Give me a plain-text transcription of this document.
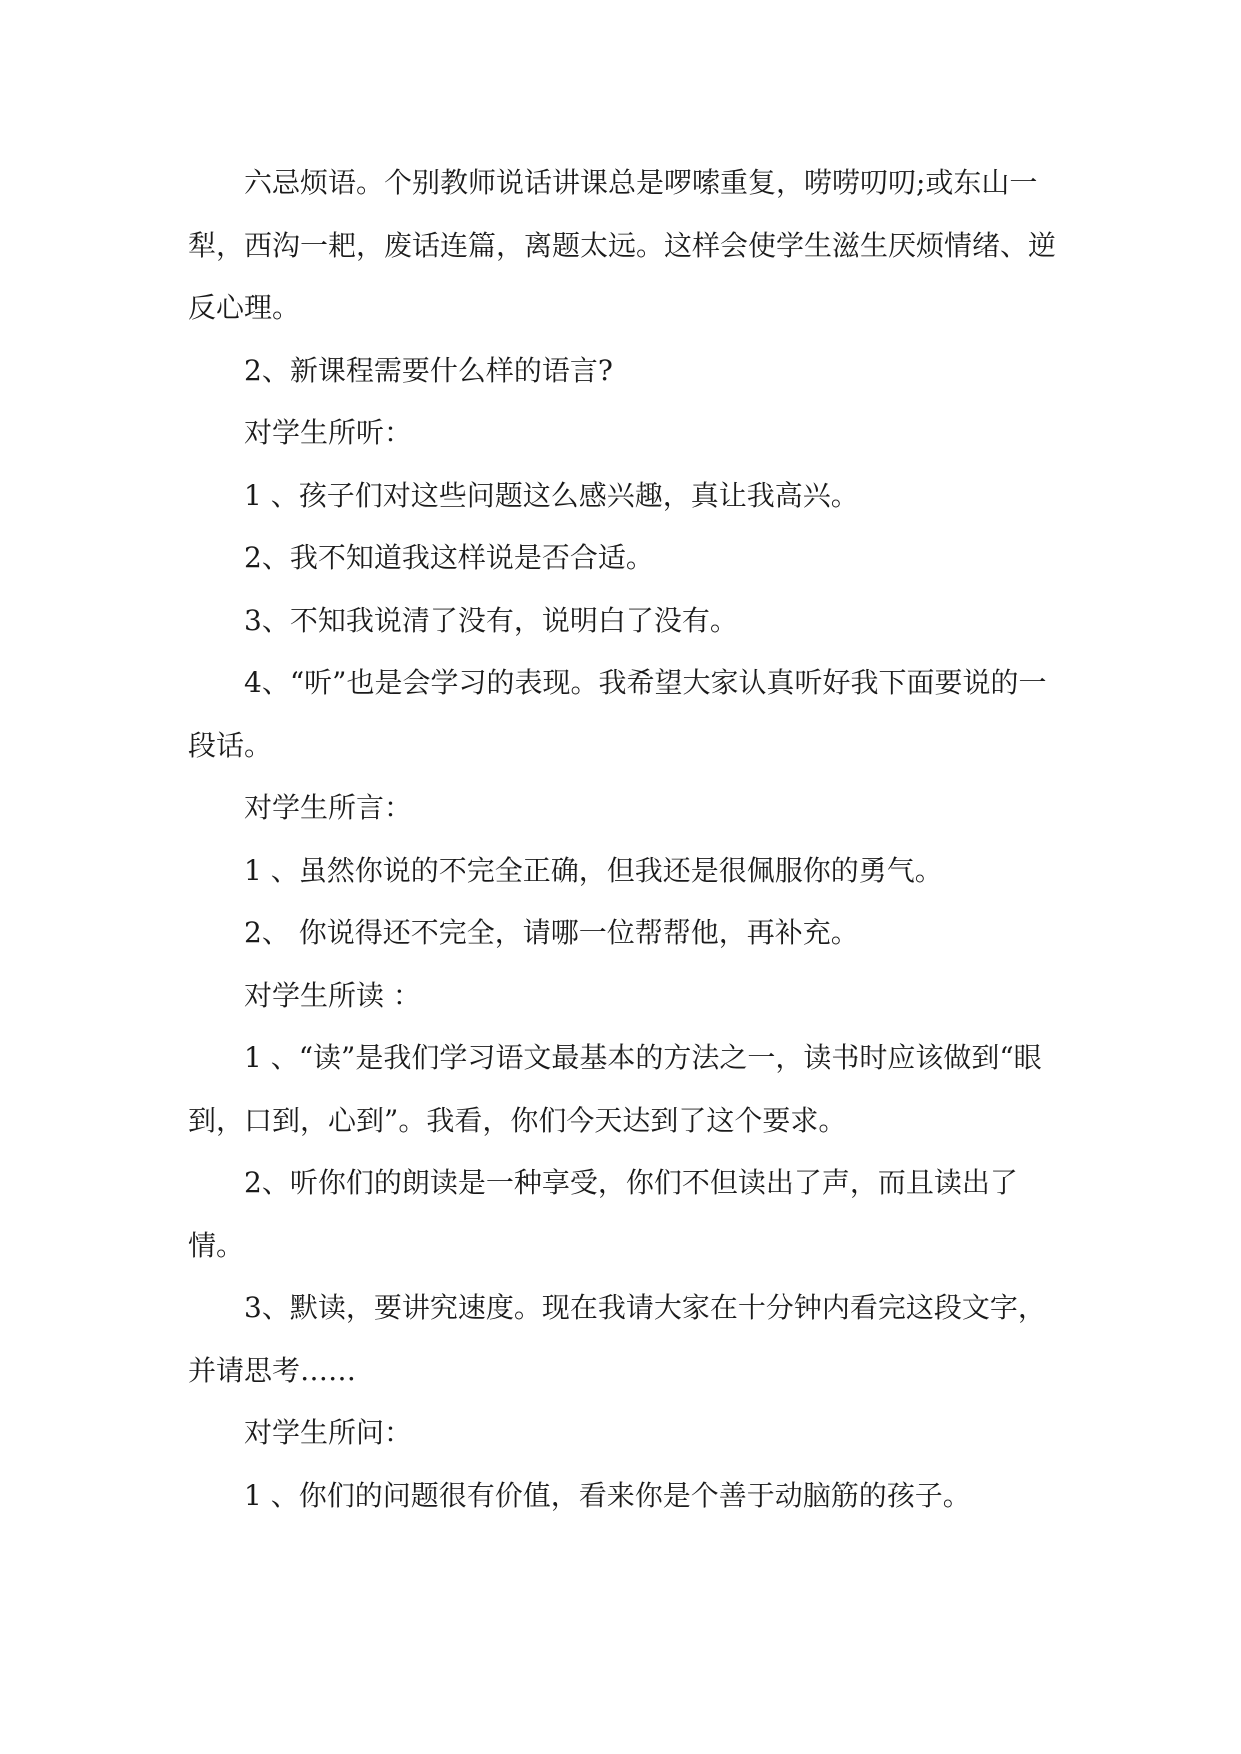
六忌烦语。个别教师说话讲课总是啰嗦重复，唠唠叨叨;或东山一犁，西沟一耙，废话连篇，离题太远。这样会使学生滋生厌烦情绪、逆反心理。

2、新课程需要什么样的语言?

对学生所听：

1 、孩子们对这些问题这么感兴趣，真让我高兴。

2、我不知道我这样说是否合适。

3、不知我说清了没有，说明白了没有。

4、“听”也是会学习的表现。我希望大家认真听好我下面要说的一段话。

对学生所言：

1 、虽然你说的不完全正确，但我还是很佩服你的勇气。

2、 你说得还不完全，请哪一位帮帮他，再补充。

对学生所读 ：

1 、“读”是我们学习语文最基本的方法之一，读书时应该做到“眼到，口到，心到”。我看，你们今天达到了这个要求。

2、听你们的朗读是一种享受，你们不但读出了声，而且读出了情。

3、默读，要讲究速度。现在我请大家在十分钟内看完这段文字，并请思考……

对学生所问：

1 、你们的问题很有价值，看来你是个善于动脑筋的孩子。
